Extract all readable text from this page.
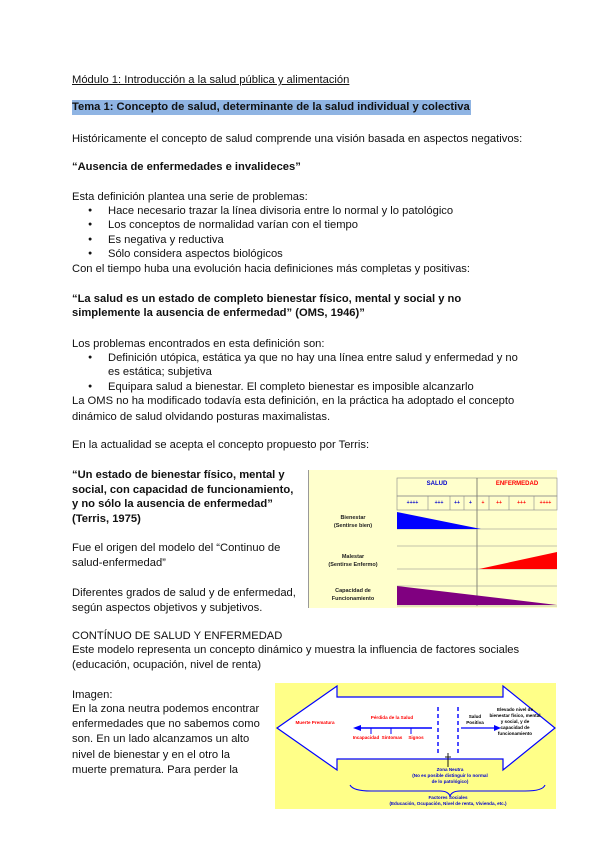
Módulo 1: Introducción a la salud pública y alimentación
Tema 1: Concepto de salud, determinante de la salud individual y colectiva
Históricamente el concepto de salud comprende una visión basada en aspectos negativos:
“Ausencia de enfermedades e invalideces”
Esta definición plantea una serie de problemas:
● Hace necesario trazar la línea divisoria entre lo normal y lo patológico
● Los conceptos de normalidad varían con el tiempo
● Es negativa y reductiva
● Sólo considera aspectos biológicos
Con el tiempo huba una evolución hacia definiciones más completas y positivas:
“La salud es un estado de completo bienestar físico, mental y social y no
simplemente la ausencia de enfermedad” (OMS, 1946)”
Los problemas encontrados en esta definición son:
● Definición utópica, estática ya que no hay una línea entre salud y enfermedad y no es estática; subjetiva
● Equipara salud a bienestar. El completo bienestar es imposible alcanzarlo
La OMS no ha modificado todavía esta definición, en la práctica ha adoptado el concepto dinámico de salud olvidando posturas maximalistas.
En la actualidad se acepta el concepto propuesto por Terris:
“Un estado de bienestar físico, mental y social, con capacidad de funcionamiento, y no sólo la ausencia de enfermedad” (Terris, 1975)
Fue el origen del modelo del “Continuo de salud-enfermedad”
Diferentes grados de salud y de enfermedad, según aspectos objetivos y subjetivos.
SALUD	ENFERMEDAD
++++	+++	++	+	+	++	+++	++++
Bienestar
(Sentirse bien)
Malestar
(Sentirse Enfermo)
Capacidad de
Funcionamiento
CONTÍNUO DE SALUD Y ENFERMEDAD
Este modelo representa un concepto dinámico y muestra la influencia de factores sociales (educación, ocupación, nivel de renta)
Imagen:
En la zona neutra podemos encontrar enfermedades que no sabemos como son. En un lado alcanzamos un alto nivel de bienestar y en el otro la muerte prematura. Para perder la
Muerte Prematura
Pérdida de la Salud
Incapacidad Síntomas	Signos
Salud Positiva
Elevado nivel de bienestar físico, mental y social, y de capacidad de funcionamiento
Zona Neutra
(No es posible distinguir lo normal de lo patológico)
Factores Sociales
(Educación, Ocupación, Nivel de renta, Vivienda, etc.)
